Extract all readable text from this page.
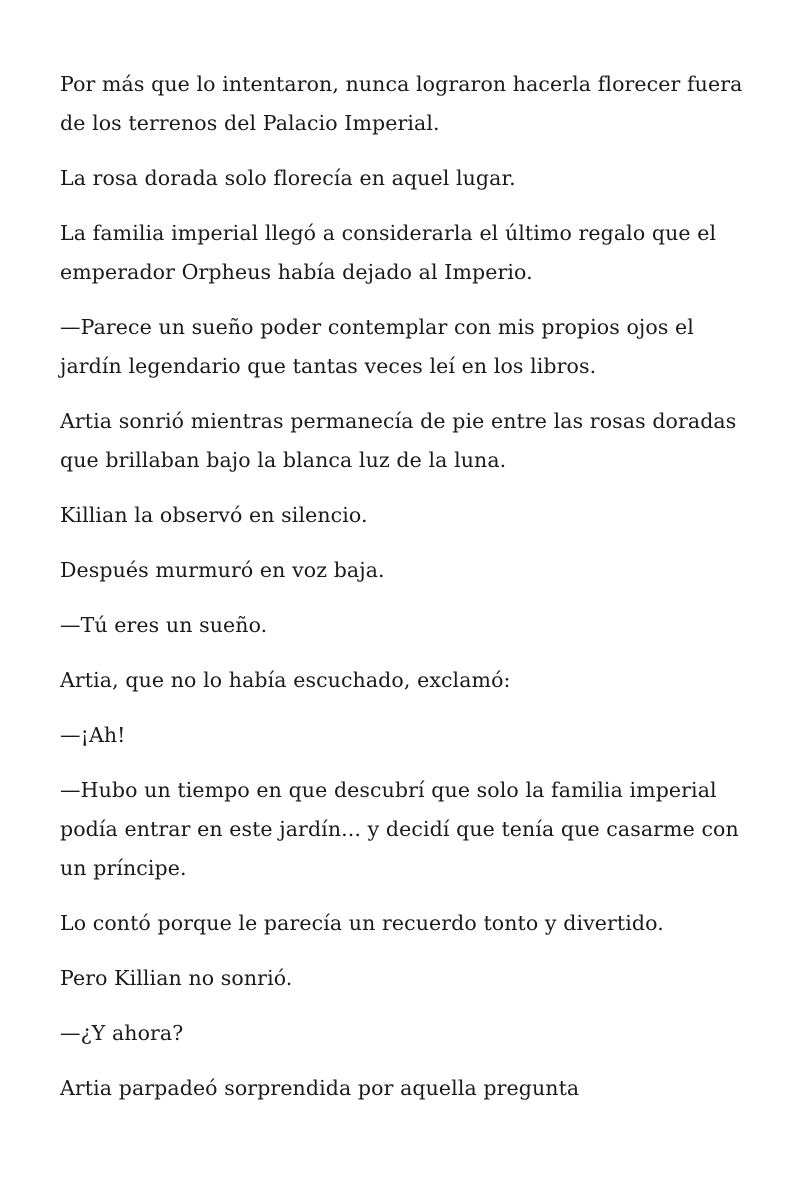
Por más que lo intentaron, nunca lograron hacerla florecer fuera de los terrenos del Palacio Imperial.

La rosa dorada solo florecía en aquel lugar.

La familia imperial llegó a considerarla el último regalo que el emperador Orpheus había dejado al Imperio.

—Parece un sueño poder contemplar con mis propios ojos el jardín legendario que tantas veces leí en los libros.

Artia sonrió mientras permanecía de pie entre las rosas doradas que brillaban bajo la blanca luz de la luna.

Killian la observó en silencio.

Después murmuró en voz baja.

—Tú eres un sueño.

Artia, que no lo había escuchado, exclamó:

—¡Ah!

—Hubo un tiempo en que descubrí que solo la familia imperial podía entrar en este jardín... y decidí que tenía que casarme con un príncipe.

Lo contó porque le parecía un recuerdo tonto y divertido.

Pero Killian no sonrió.

—¿Y ahora?

Artia parpadeó sorprendida por aquella pregunta
